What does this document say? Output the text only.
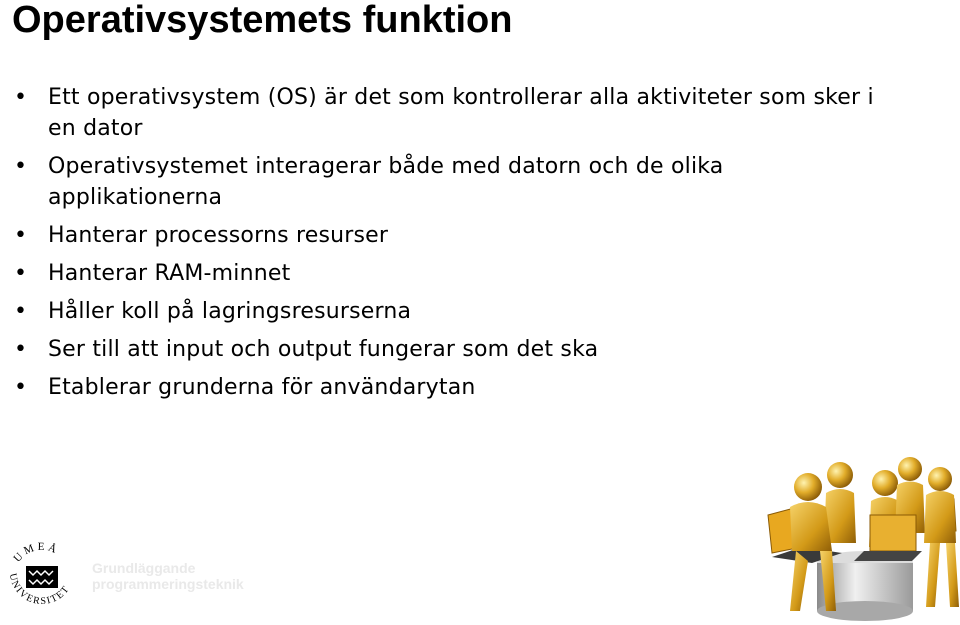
Operativsystemets funktion
• Ett operativsystem (OS) är det som kontrollerar alla aktiviteter som sker i en dator
• Operativsystemet interagerar både med datorn och de olika applikationerna
• Hanterar processorns resurser
• Hanterar RAM-minnet
• Håller koll på lagringsresurserna
• Ser till att input och output fungerar som det ska
• Etablerar grunderna för användarytan
UMEÅ
UNIVERSITET
Grundläggande
programmeringsteknik
